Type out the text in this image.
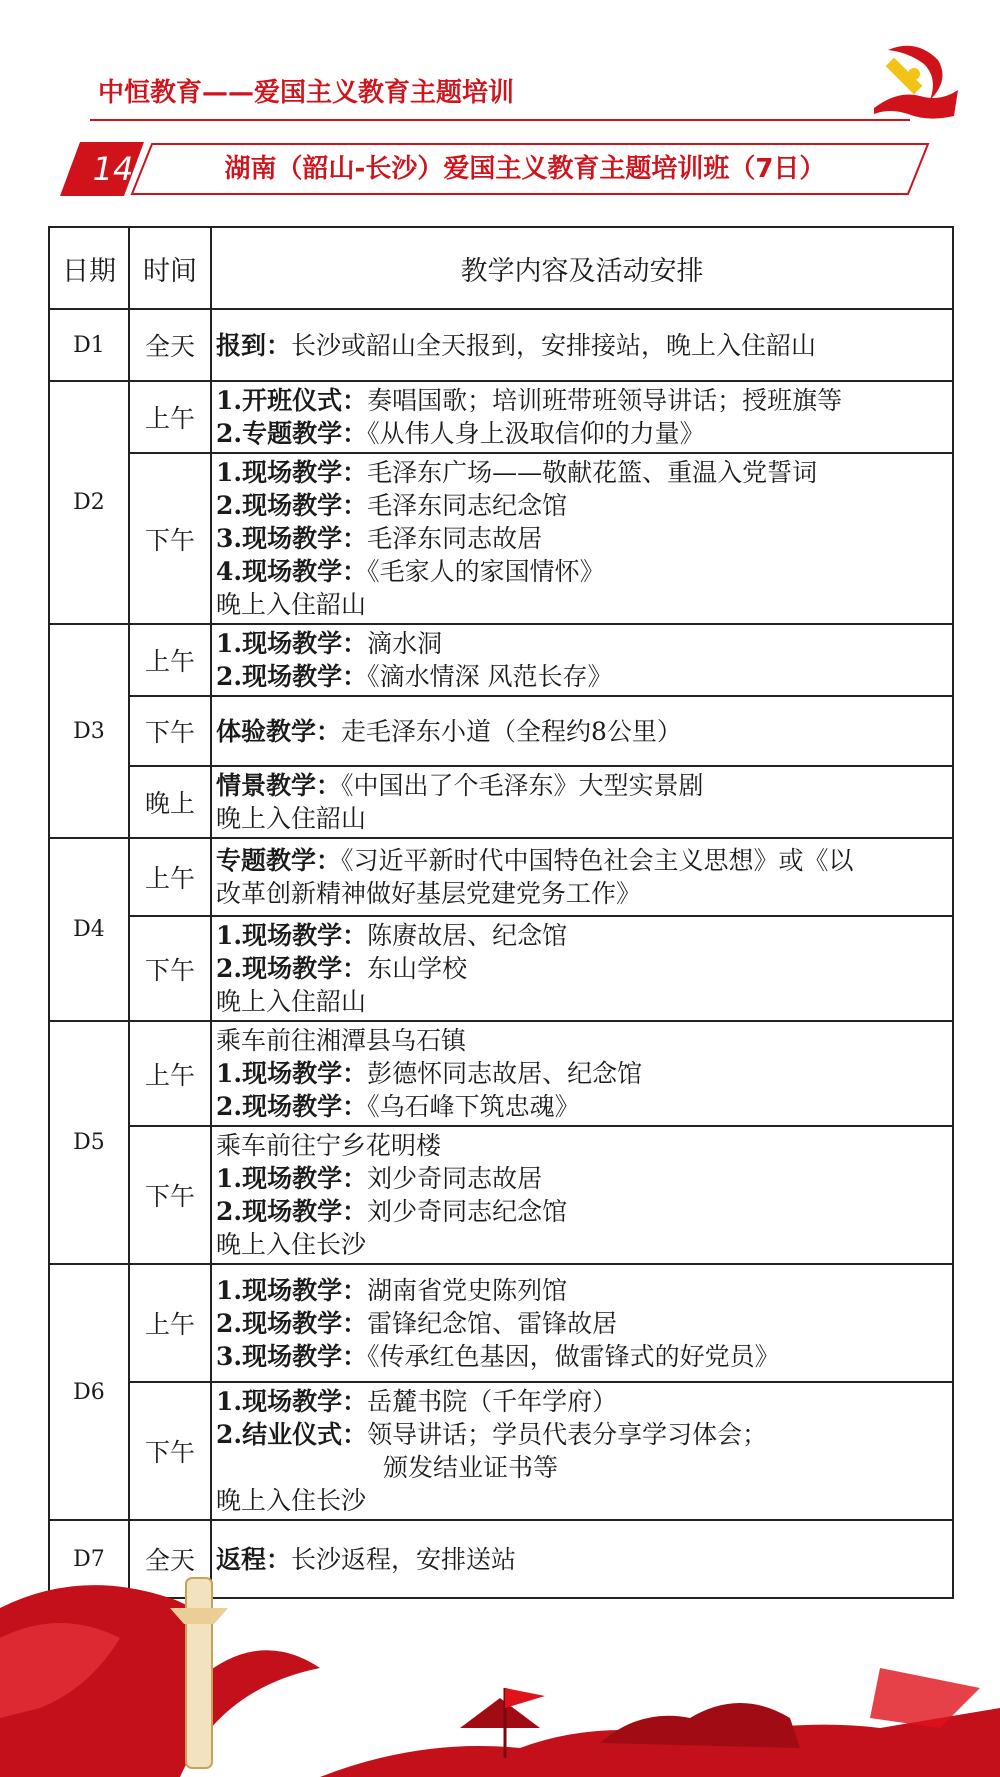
中恒教育——爱国主义教育主题培训
14	湖南（韶山-长沙）爱国主义教育主题培训班（7日）
日期	时间	教学内容及活动安排
D1	全天	报到：长沙或韶山全天报到，安排接站，晚上入住韶山

D2	上午	1.开班仪式：奏唱国歌；培训班带班领导讲话；授班旗等
2.专题教学：《从伟人身上汲取信仰的力量》

	下午	1.现场教学：毛泽东广场——敬献花篮、重温入党誓词
2.现场教学：毛泽东同志纪念馆
3.现场教学：毛泽东同志故居
4.现场教学：《毛家人的家国情怀》
晚上入住韶山

D3	上午	1.现场教学：滴水洞
2.现场教学：《滴水情深 风范长存》

	下午	体验教学：走毛泽东小道（全程约8公里）

	晚上	情景教学：《中国出了个毛泽东》大型实景剧
晚上入住韶山

D4	上午	专题教学：《习近平新时代中国特色社会主义思想》或《以
改革创新精神做好基层党建党务工作》

	下午	1.现场教学：陈赓故居、纪念馆
2.现场教学：东山学校
晚上入住韶山

D5	上午	乘车前往湘潭县乌石镇
1.现场教学：彭德怀同志故居、纪念馆
2.现场教学：《乌石峰下筑忠魂》

	下午	乘车前往宁乡花明楼
1.现场教学：刘少奇同志故居
2.现场教学：刘少奇同志纪念馆
晚上入住长沙

D6	上午	1.现场教学：湖南省党史陈列馆
2.现场教学：雷锋纪念馆、雷锋故居
3.现场教学：《传承红色基因，做雷锋式的好党员》

	下午	1.现场教学：岳麓书院（千年学府）
2.结业仪式：领导讲话；学员代表分享学习体会；
颁发结业证书等
晚上入住长沙

D7	全天	返程：长沙返程，安排送站
